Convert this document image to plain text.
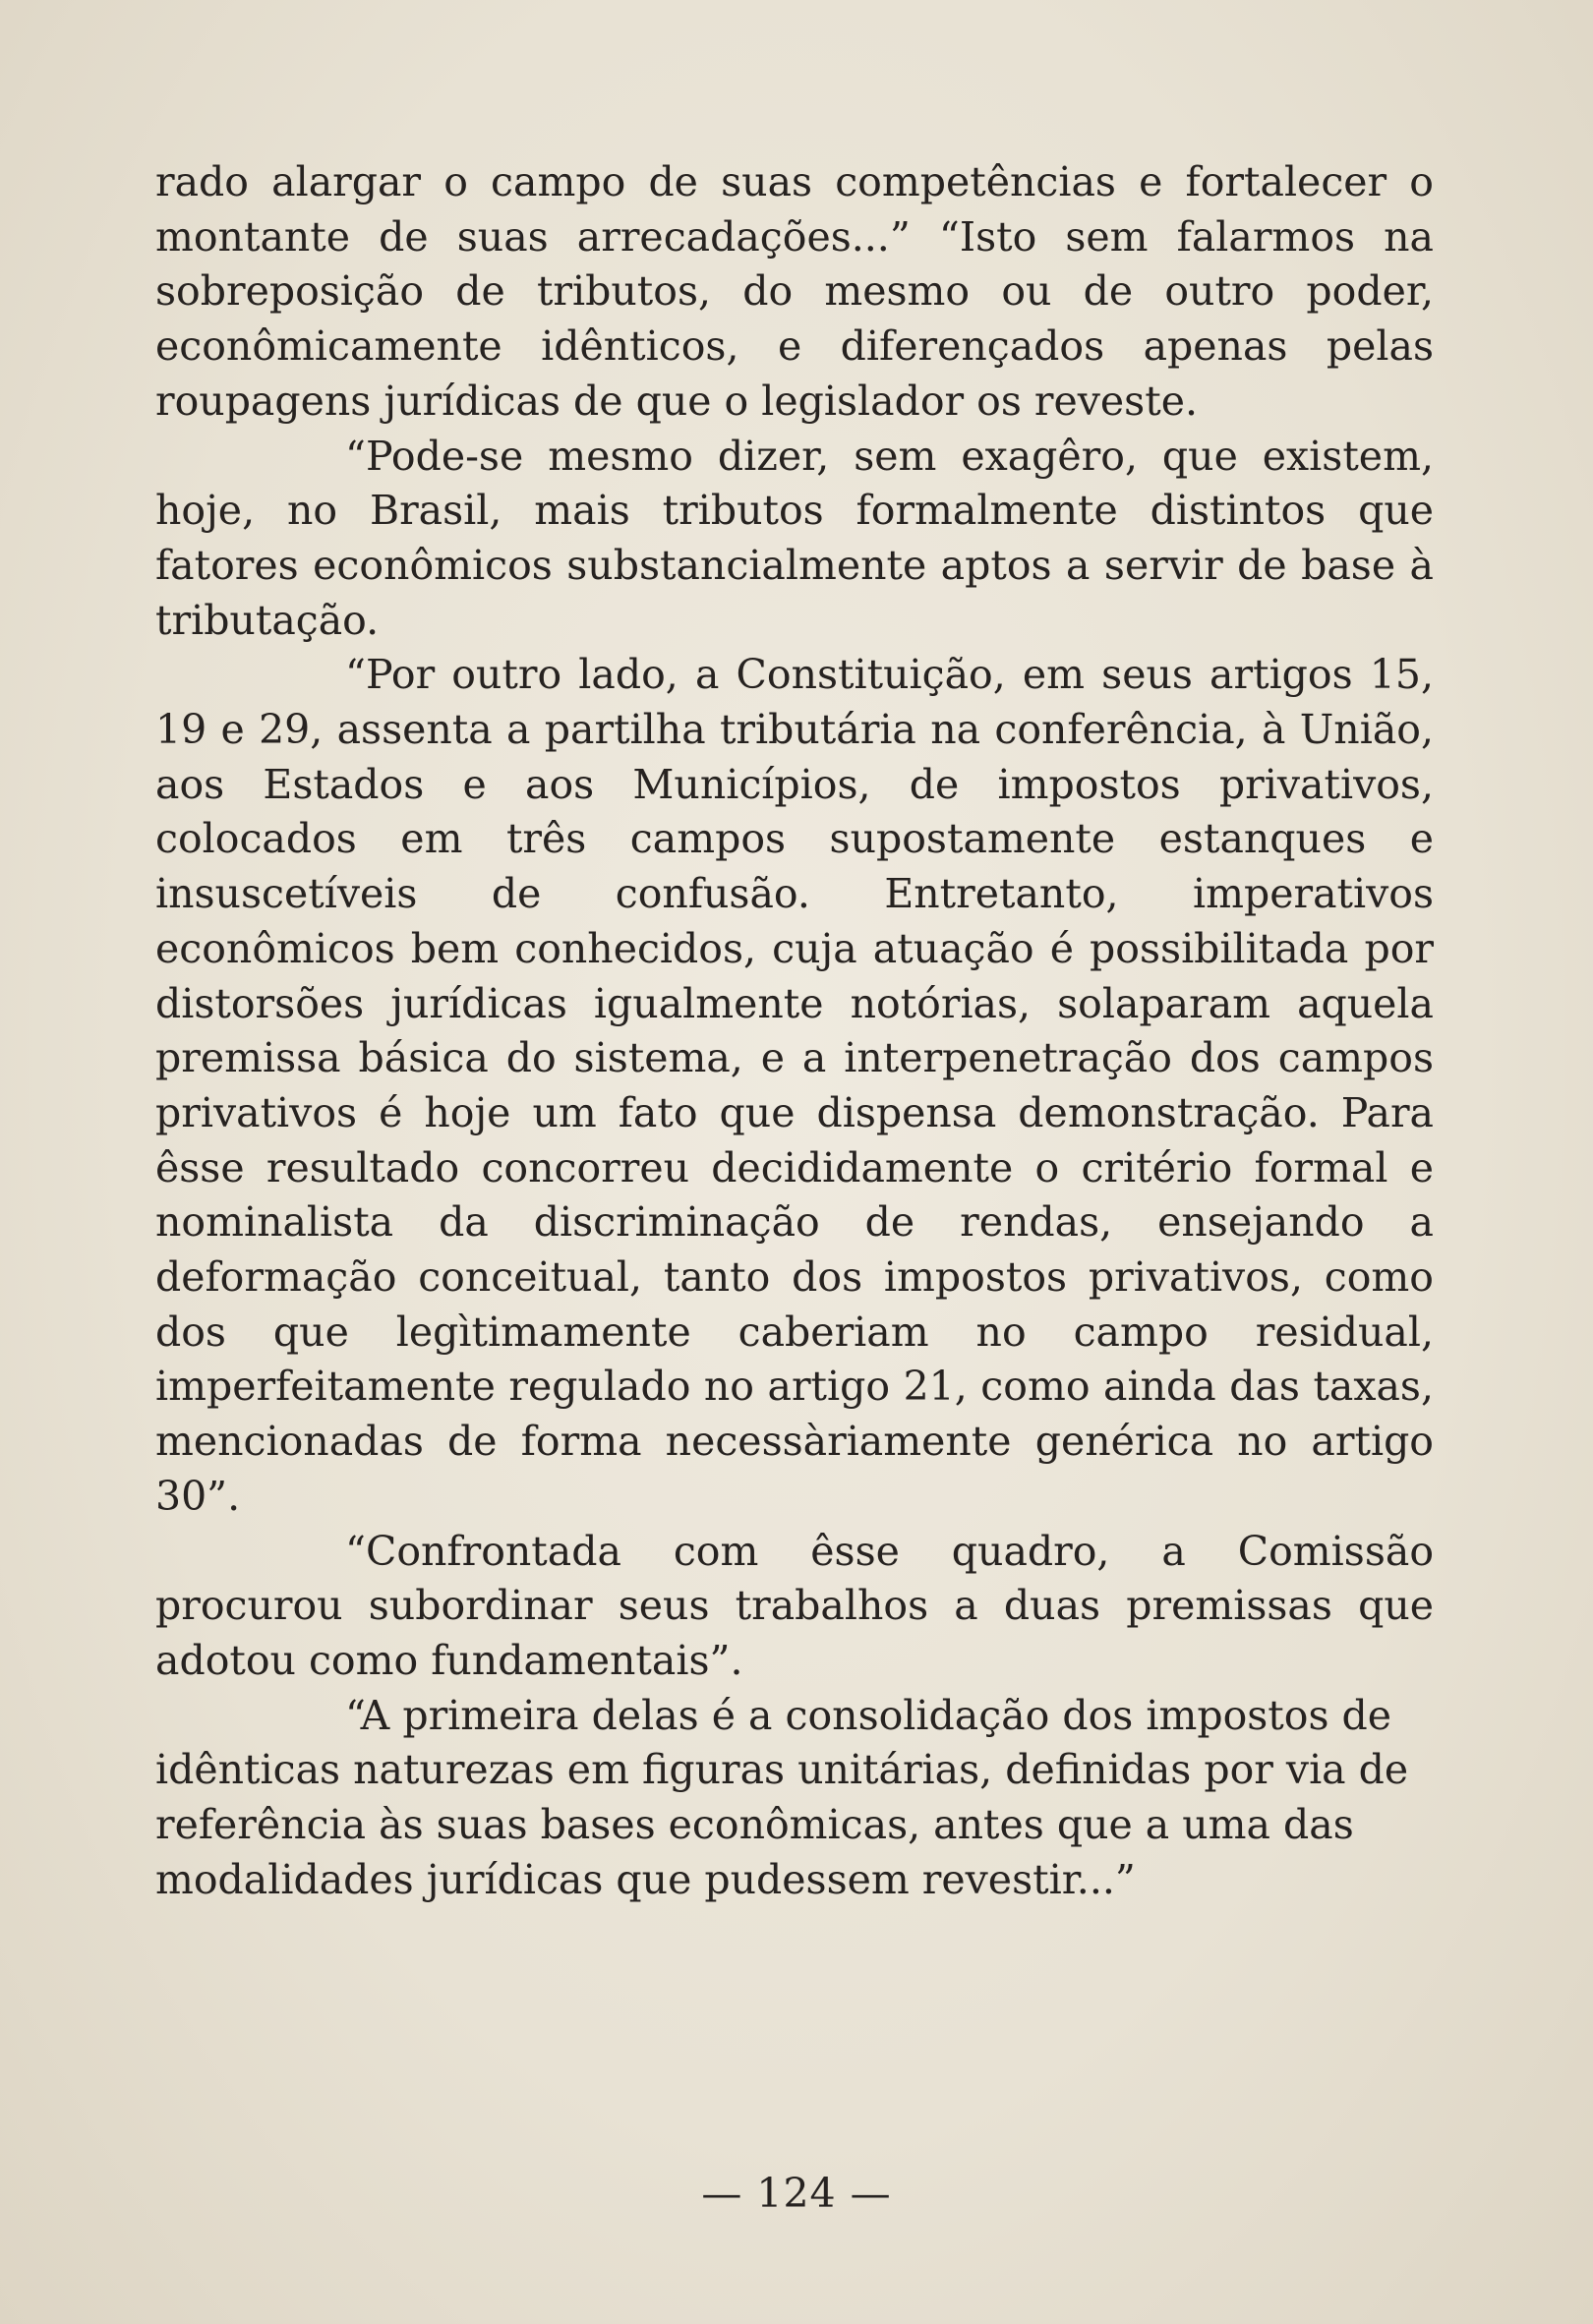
rado alargar o campo de suas competências e fortalecer o montante de suas arrecadações...” “Isto sem falarmos na sobreposição de tributos, do mesmo ou de outro poder, econômicamente idênticos, e diferençados apenas pelas roupagens jurídicas de que o legislador os reveste.

“Pode-se mesmo dizer, sem exagêro, que existem, hoje, no Brasil, mais tributos formalmente distintos que fatores econômicos substancialmente aptos a servir de base à tributação.

“Por outro lado, a Constituição, em seus artigos 15, 19 e 29, assenta a partilha tributária na conferência, à União, aos Estados e aos Municípios, de impostos privativos, colocados em três campos supostamente estanques e insuscetíveis de confusão. Entretanto, imperativos econômicos bem conhecidos, cuja atuação é possibilitada por distorsões jurídicas igualmente notórias, solaparam aquela premissa básica do sistema, e a interpenetração dos campos privativos é hoje um fato que dispensa demonstração. Para êsse resultado concorreu decididamente o critério formal e nominalista da discriminação de rendas, ensejando a deformação conceitual, tanto dos impostos privativos, como dos que legìtimamente caberiam no campo residual, imperfeitamente regulado no artigo 21, como ainda das taxas, mencionadas de forma necessàriamente genérica no artigo 30”.

“Confrontada com êsse quadro, a Comissão procurou subordinar seus trabalhos a duas premissas que adotou como fundamentais”.

“A primeira delas é a consolidação dos impostos de idênticas naturezas em figuras unitárias, definidas por via de referência às suas bases econômicas, antes que a uma das modalidades jurídicas que pudessem revestir...”

— 124 —
